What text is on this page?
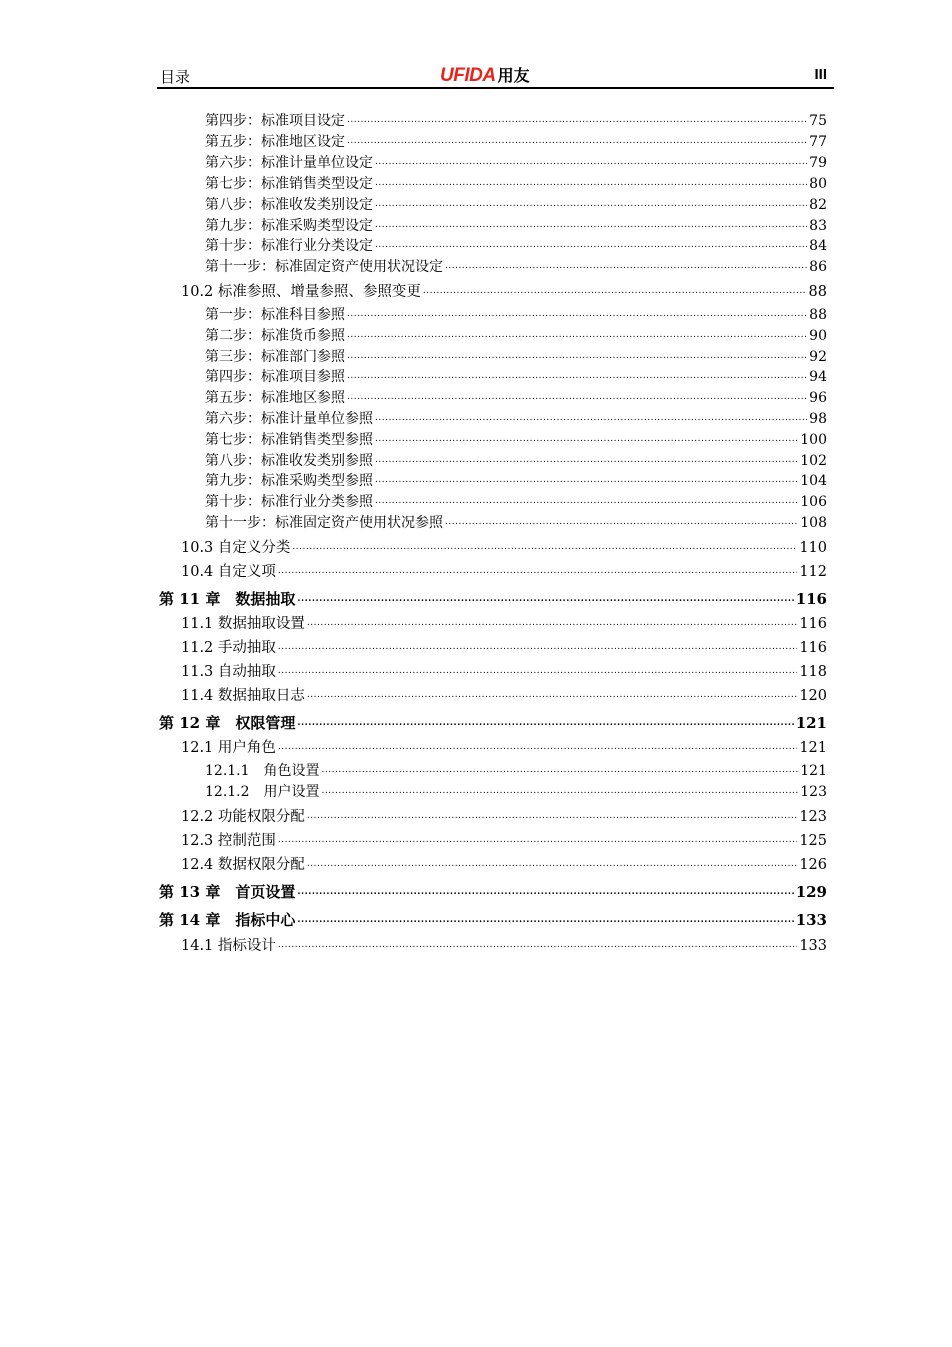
目录	UFIDA 用友	III
第四步：标准项目设定 .....	75
第五步：标准地区设定 .....	77
第六步：标准计量单位设定 .....	79
第七步：标准销售类型设定 .....	80
第八步：标准收发类别设定 .....	82
第九步：标准采购类型设定 .....	83
第十步：标准行业分类设定 .....	84
第十一步：标准固定资产使用状况设定 .....	86
10.2 标准参照、增量参照、参照变更 .....	88
第一步：标准科目参照 .....	88
第二步：标准货币参照 .....	90
第三步：标准部门参照 .....	92
第四步：标准项目参照 .....	94
第五步：标准地区参照 .....	96
第六步：标准计量单位参照 .....	98
第七步：标准销售类型参照 .....	100
第八步：标准收发类别参照 .....	102
第九步：标准采购类型参照 .....	104
第十步：标准行业分类参照 .....	106
第十一步：标准固定资产使用状况参照 .....	108
10.3 自定义分类 .....	110
10.4 自定义项 .....	112
第 11 章　数据抽取 .....	116
11.1 数据抽取设置 .....	116
11.2 手动抽取 .....	116
11.3 自动抽取 .....	118
11.4 数据抽取日志 .....	120
第 12 章　权限管理 .....	121
12.1 用户角色 .....	121
12.1.1　角色设置 .....	121
12.1.2　用户设置 .....	123
12.2 功能权限分配 .....	123
12.3 控制范围 .....	125
12.4 数据权限分配 .....	126
第 13 章　首页设置 .....	129
第 14 章　指标中心 .....	133
14.1 指标设计 .....	133
